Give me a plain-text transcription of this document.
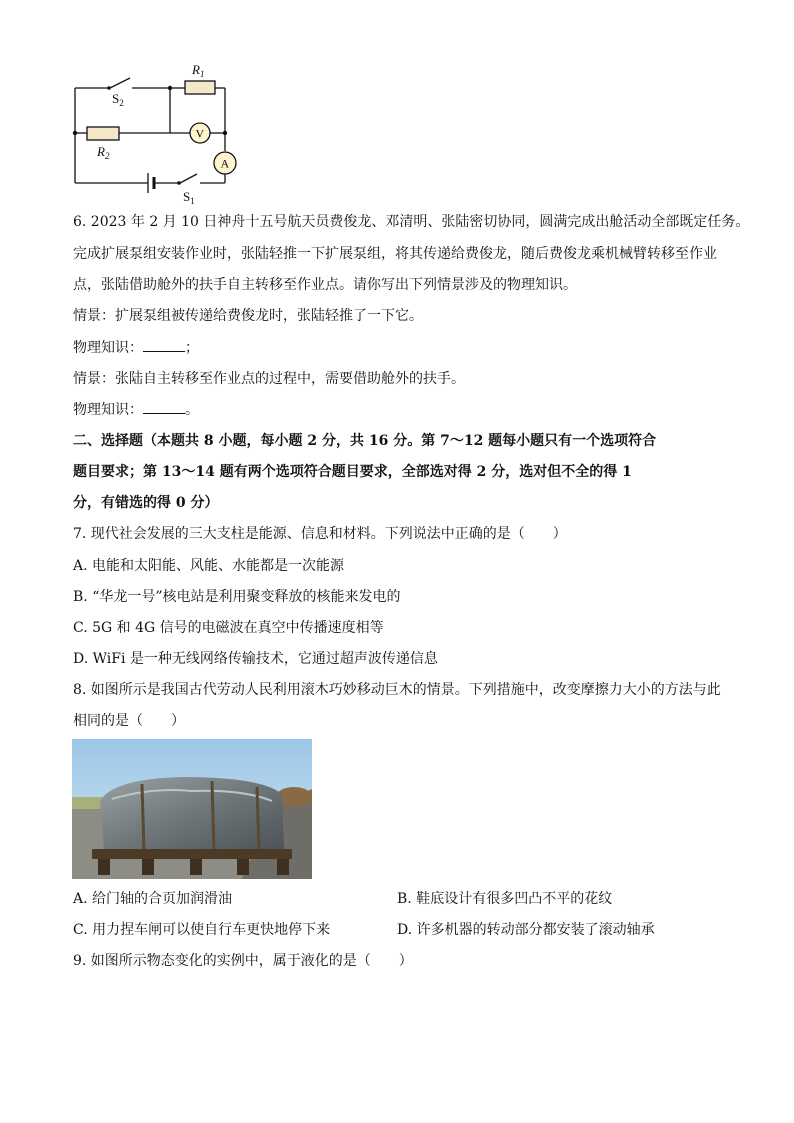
$R_1$
$R_2$
$S_2$
$S_1$
V
A
6. 2023 年 2 月 10 日神舟十五号航天员费俊龙、邓清明、张陆密切协同，圆满完成出舱活动全部既定任务。
完成扩展泵组安装作业时，张陆轻推一下扩展泵组，将其传递给费俊龙，随后费俊龙乘机械臂转移至作业
点，张陆借助舱外的扶手自主转移至作业点。请你写出下列情景涉及的物理知识。
情景：扩展泵组被传递给费俊龙时，张陆轻推了一下它。
物理知识：	；
情景：张陆自主转移至作业点的过程中，需要借助舱外的扶手。
物理知识：	。
二、选择题（本题共 8 小题，每小题 2 分，共 16 分。第 7～12 题每小题只有一个选项符合
题目要求；第 13～14 题有两个选项符合题目要求，全部选对得 2 分，选对但不全的得 1
分，有错选的得 0 分）
7. 现代社会发展的三大支柱是能源、信息和材料。下列说法中正确的是（　　）
A. 电能和太阳能、风能、水能都是一次能源
B. “华龙一号”核电站是利用聚变释放的核能来发电的
C. 5G 和 4G 信号的电磁波在真空中传播速度相等
D. WiFi 是一种无线网络传输技术，它通过超声波传递信息
8. 如图所示是我国古代劳动人民利用滚木巧妙移动巨木的情景。下列措施中，改变摩擦力大小的方法与此
相同的是（　　）
A. 给门轴的合页加润滑油	B. 鞋底设计有很多凹凸不平的花纹
C. 用力捏车闸可以使自行车更快地停下来	D. 许多机器的转动部分都安装了滚动轴承
9. 如图所示物态变化的实例中，属于液化的是（　　）
